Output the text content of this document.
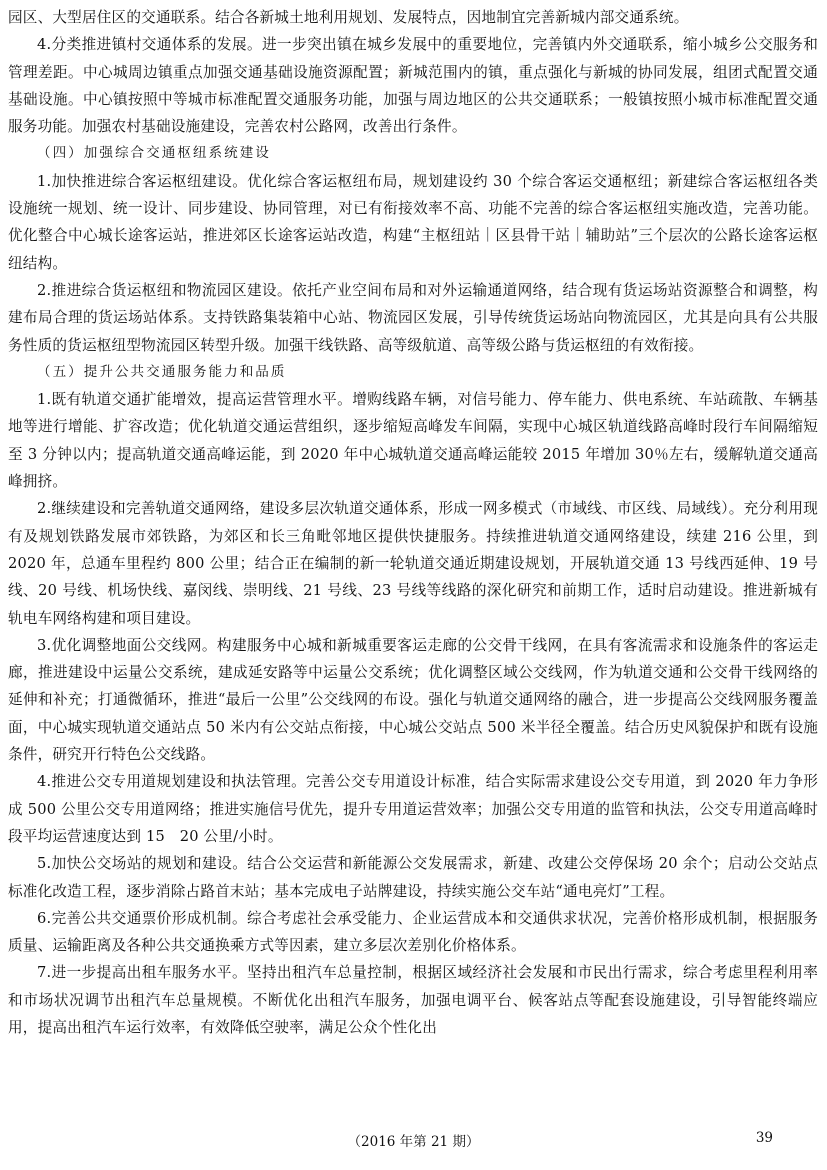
园区、大型居住区的交通联系。结合各新城土地利用规划、发展特点，因地制宜完善新城内部交通系统。

4.分类推进镇村交通体系的发展。进一步突出镇在城乡发展中的重要地位，完善镇内外交通联系，缩小城乡公交服务和管理差距。中心城周边镇重点加强交通基础设施资源配置；新城范围内的镇，重点强化与新城的协同发展，组团式配置交通基础设施。中心镇按照中等城市标准配置交通服务功能，加强与周边地区的公共交通联系；一般镇按照小城市标准配置交通服务功能。加强农村基础设施建设，完善农村公路网，改善出行条件。

（四）加强综合交通枢纽系统建设

1.加快推进综合客运枢纽建设。优化综合客运枢纽布局，规划建设约 30 个综合客运交通枢纽；新建综合客运枢纽各类设施统一规划、统一设计、同步建设、协同管理，对已有衔接效率不高、功能不完善的综合客运枢纽实施改造，完善功能。优化整合中心城长途客运站，推进郊区长途客运站改造，构建“主枢纽站｜区县骨干站｜辅助站”三个层次的公路长途客运枢纽结构。

2.推进综合货运枢纽和物流园区建设。依托产业空间布局和对外运输通道网络，结合现有货运场站资源整合和调整，构建布局合理的货运场站体系。支持铁路集装箱中心站、物流园区发展，引导传统货运场站向物流园区，尤其是向具有公共服务性质的货运枢纽型物流园区转型升级。加强干线铁路、高等级航道、高等级公路与货运枢纽的有效衔接。

（五）提升公共交通服务能力和品质

1.既有轨道交通扩能增效，提高运营管理水平。增购线路车辆，对信号能力、停车能力、供电系统、车站疏散、车辆基地等进行增能、扩容改造；优化轨道交通运营组织，逐步缩短高峰发车间隔，实现中心城区轨道线路高峰时段行车间隔缩短至 3 分钟以内；提高轨道交通高峰运能，到 2020 年中心城轨道交通高峰运能较 2015 年增加 30％左右，缓解轨道交通高峰拥挤。

2.继续建设和完善轨道交通网络，建设多层次轨道交通体系，形成一网多模式（市域线、市区线、局域线）。充分利用现有及规划铁路发展市郊铁路，为郊区和长三角毗邻地区提供快捷服务。持续推进轨道交通网络建设，续建 216 公里，到 2020 年，总通车里程约 800 公里；结合正在编制的新一轮轨道交通近期建设规划，开展轨道交通 13 号线西延伸、19 号线、20 号线、机场快线、嘉闵线、崇明线、21 号线、23 号线等线路的深化研究和前期工作，适时启动建设。推进新城有轨电车网络构建和项目建设。

3.优化调整地面公交线网。构建服务中心城和新城重要客运走廊的公交骨干线网，在具有客流需求和设施条件的客运走廊，推进建设中运量公交系统，建成延安路等中运量公交系统；优化调整区域公交线网，作为轨道交通和公交骨干线网络的延伸和补充；打通微循环，推进“最后一公里”公交线网的布设。强化与轨道交通网络的融合，进一步提高公交线网服务覆盖面，中心城实现轨道交通站点 50 米内有公交站点衔接，中心城公交站点 500 米半径全覆盖。结合历史风貌保护和既有设施条件，研究开行特色公交线路。

4.推进公交专用道规划建设和执法管理。完善公交专用道设计标准，结合实际需求建设公交专用道，到 2020 年力争形成 500 公里公交专用道网络；推进实施信号优先，提升专用道运营效率；加强公交专用道的监管和执法，公交专用道高峰时段平均运营速度达到 15　20 公里/小时。

5.加快公交场站的规划和建设。结合公交运营和新能源公交发展需求，新建、改建公交停保场 20 余个；启动公交站点标准化改造工程，逐步消除占路首末站；基本完成电子站牌建设，持续实施公交车站“通电亮灯”工程。

6.完善公共交通票价形成机制。综合考虑社会承受能力、企业运营成本和交通供求状况，完善价格形成机制，根据服务质量、运输距离及各种公共交通换乘方式等因素，建立多层次差别化价格体系。

7.进一步提高出租车服务水平。坚持出租汽车总量控制，根据区域经济社会发展和市民出行需求，综合考虑里程利用率和市场状况调节出租汽车总量规模。不断优化出租汽车服务，加强电调平台、候客站点等配套设施建设，引导智能终端应用，提高出租汽车运行效率，有效降低空驶率，满足公众个性化出

（2016 年第 21 期）	39
